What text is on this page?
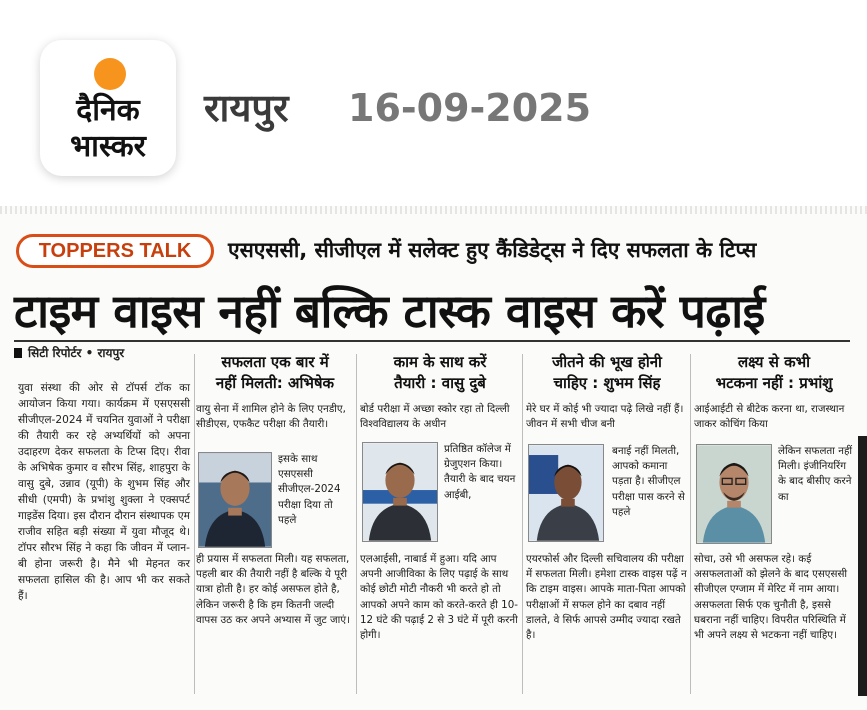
दैनिक
भास्कर
रायपुर 16-09-2025
TOPPERS TALK	एसएससी, सीजीएल में सलेक्ट हुए कैंडिडेट्स ने दिए सफलता के टिप्स
टाइम वाइस नहीं बल्कि टास्क वाइस करें पढ़ाई
सिटी रिपोर्टर • रायपुर
युवा संस्था की ओर से टॉपर्स टॉक का आयोजन किया गया। कार्यक्रम में एसएससी सीजीएल-2024 में चयनित युवाओं ने परीक्षा की तैयारी कर रहे अभ्यर्थियों को अपना उदाहरण देकर सफलता के टिप्स दिए। रीवा के अभिषेक कुमार व सौरभ सिंह, शाहपुरा के वासु दुबे, उन्नाव (यूपी) के शुभम सिंह और सीधी (एमपी) के प्रभांशु शुक्ला ने एक्सपर्ट गाइडेंस दिया। इस दौरान दौरान संस्थापक एम राजीव सहित बड़ी संख्या में युवा मौजूद थे। टॉपर सौरभ सिंह ने कहा कि जीवन में प्लान-बी होना जरूरी है। मैने भी मेहनत कर सफलता हासिल की है। आप भी कर सकते हैं।
सफलता एक बार में
नहीं मिलती: अभिषेक
वायु सेना में शामिल होने के लिए एनडीए, सीडीएस, एफकैट परीक्षा की तैयारी।
इसके साथ एसएससी सीजीएल-2024 परीक्षा दिया तो पहले
ही प्रयास में सफलता मिली। यह सफलता, पहली बार की तैयारी नहीं है बल्कि ये पूरी यात्रा होती है। हर कोई असफल होते है, लेकिन जरूरी है कि हम कितनी जल्दी वापस उठ कर अपने अभ्यास में जुट जाएं।
काम के साथ करें
तैयारी : वासु दुबे
बोर्ड परीक्षा में अच्छा स्कोर रहा तो दिल्ली विश्वविद्यालय के अधीन
प्रतिष्ठित कॉलेज में ग्रेजुएशन किया। तैयारी के बाद चयन आईबी,
एलआईसी, नाबार्ड में हुआ। यदि आप अपनी आजीविका के लिए पढ़ाई के साथ कोई छोटी मोटी नौकरी भी करते हो तो आपको अपने काम को करते-करते ही 10-12 घंटे की पढ़ाई 2 से 3 घंटे में पूरी करनी होगी।
जीतने की भूख होनी
चाहिए : शुभम सिंह
मेरे घर में कोई भी ज्यादा पढ़े लिखे नहीं हैं। जीवन में सभी चीज बनी
बनाई नहीं मिलती, आपको कमाना पड़ता है। सीजीएल परीक्षा पास करने से पहले
एयरफोर्स और दिल्ली सचिवालय की परीक्षा में सफलता मिली। हमेशा टास्क वाइस पढ़ें न कि टाइम वाइस। आपके माता-पिता आपको परीक्षाओं में सफल होने का दबाव नहीं डालते, वे सिर्फ आपसे उम्मीद ज्यादा रखते है।
लक्ष्य से कभी
भटकना नहीं : प्रभांशु
आईआईटी से बीटेक करना था, राजस्थान जाकर कोचिंग किया
लेकिन सफलता नहीं मिली। इंजीनियरिंग के बाद बीसीए करने का
सोचा, उसे भी असफल रहे। कई असफलताओं को झेलने के बाद एसएससी सीजीएल एग्जाम में मेरिट में नाम आया। असफलता सिर्फ एक चुनौती है, इससे घबराना नहीं चाहिए। विपरीत परिस्थिति में भी अपने लक्ष्य से भटकना नहीं चाहिए।
